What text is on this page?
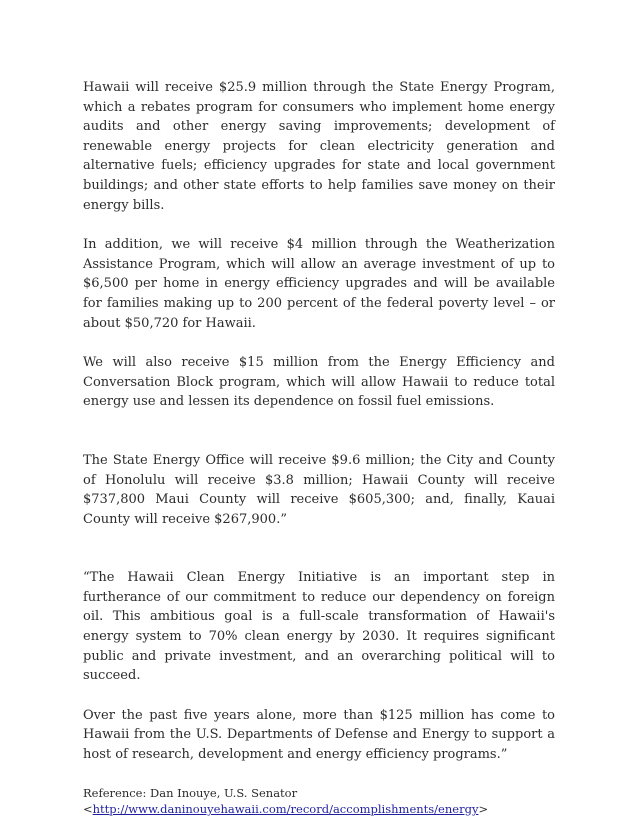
Hawaii will receive $25.9 million through the State Energy Program, which a rebates program for consumers who implement home energy audits and other energy saving improvements; development of renewable energy projects for clean electricity generation and alternative fuels; efficiency upgrades for state and local government buildings; and other state efforts to help families save money on their energy bills.

In addition, we will receive $4 million through the Weatherization Assistance Program, which will allow an average investment of up to $6,500 per home in energy efficiency upgrades and will be available for families making up to 200 percent of the federal poverty level – or about $50,720 for Hawaii.

We will also receive $15 million from the Energy Efficiency and Conversation Block program, which will allow Hawaii to reduce total energy use and lessen its dependence on fossil fuel emissions.

The State Energy Office will receive $9.6 million; the City and County of Honolulu will receive $3.8 million; Hawaii County will receive $737,800 Maui County will receive $605,300; and, finally, Kauai County will receive $267,900.”

“The Hawaii Clean Energy Initiative is an important step in furtherance of our commitment to reduce our dependency on foreign oil. This ambitious goal is a full-scale transformation of Hawaii's energy system to 70% clean energy by 2030. It requires significant public and private investment, and an overarching political will to succeed.

Over the past five years alone, more than $125 million has come to Hawaii from the U.S. Departments of Defense and Energy to support a host of research, development and energy efficiency programs.”

Reference: Dan Inouye, U.S. Senator

<http://www.daninouyehawaii.com/record/accomplishments/energy>
